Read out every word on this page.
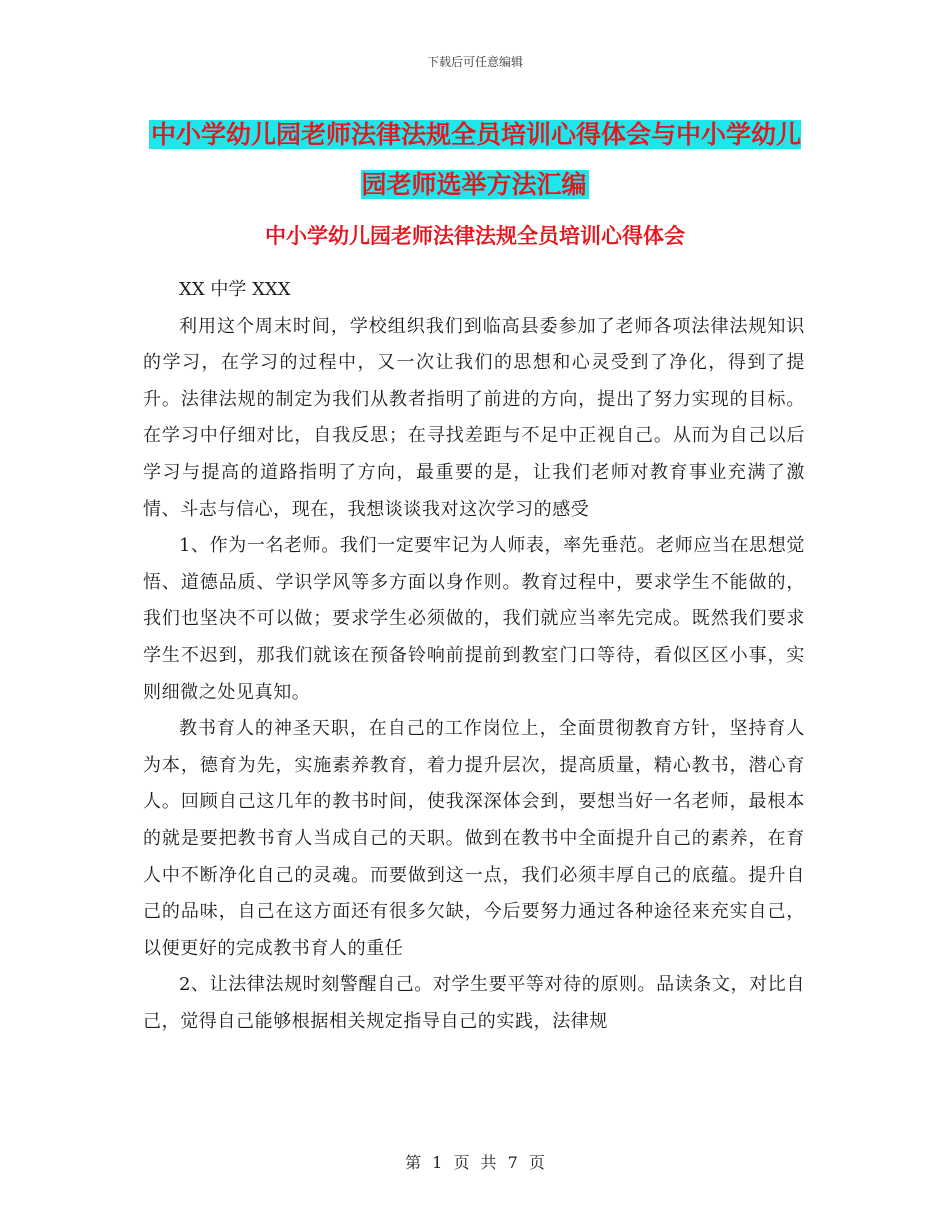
下载后可任意编辑
中小学幼儿园老师法律法规全员培训心得体会与中小学幼儿园老师选举方法汇编
中小学幼儿园老师法律法规全员培训心得体会

XX 中学 XXX

利用这个周末时间，学校组织我们到临高县委参加了老师各项法律法规知识的学习，在学习的过程中，又一次让我们的思想和心灵受到了净化，得到了提升。法律法规的制定为我们从教者指明了前进的方向，提出了努力实现的目标。在学习中仔细对比，自我反思；在寻找差距与不足中正视自己。从而为自己以后学习与提高的道路指明了方向，最重要的是，让我们老师对教育事业充满了激情、斗志与信心，现在，我想谈谈我对这次学习的感受

1、作为一名老师。我们一定要牢记为人师表，率先垂范。老师应当在思想觉悟、道德品质、学识学风等多方面以身作则。教育过程中，要求学生不能做的，我们也坚决不可以做；要求学生必须做的，我们就应当率先完成。既然我们要求学生不迟到，那我们就该在预备铃响前提前到教室门口等待，看似区区小事，实则细微之处见真知。

教书育人的神圣天职，在自己的工作岗位上，全面贯彻教育方针，坚持育人为本，德育为先，实施素养教育，着力提升层次，提高质量，精心教书，潜心育人。回顾自己这几年的教书时间，使我深深体会到，要想当好一名老师，最根本的就是要把教书育人当成自己的天职。做到在教书中全面提升自己的素养，在育人中不断净化自己的灵魂。而要做到这一点，我们必须丰厚自己的底蕴。提升自己的品味，自己在这方面还有很多欠缺，今后要努力通过各种途径来充实自己，以便更好的完成教书育人的重任

2、让法律法规时刻警醒自己。对学生要平等对待的原则。品读条文，对比自己，觉得自己能够根据相关规定指导自己的实践，法律规

第 1 页 共 7 页
